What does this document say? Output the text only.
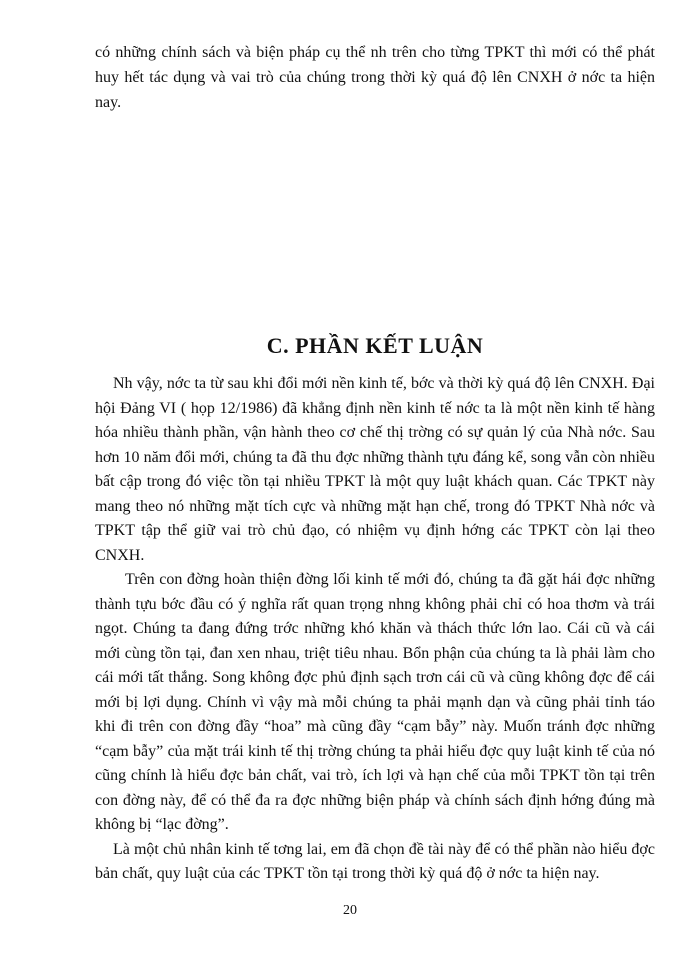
có những chính sách và biện pháp cụ thể nh trên cho từng TPKT thì mới có thể phát huy hết tác dụng và vai trò của chúng trong thời kỳ quá độ lên CNXH ở nớc ta hiện nay.

C. PHẦN KẾT LUẬN

Nh vậy, nớc ta từ sau khi đổi mới nền kinh tế, bớc và thời kỳ quá độ lên CNXH. Đại hội Đảng VI ( họp 12/1986) đã khẳng định nền kinh tế nớc ta là một nền kinh tế hàng hóa nhiều thành phần, vận hành theo cơ chế thị trờng có sự quản lý của Nhà nớc. Sau hơn 10 năm đổi mới, chúng ta đã thu đợc những thành tựu đáng kể, song vẫn còn nhiều bất cập trong đó việc tồn tại nhiều TPKT là một quy luật khách quan. Các TPKT này mang theo nó những mặt tích cực và những mặt hạn chế, trong đó TPKT Nhà nớc và TPKT tập thể giữ vai trò chủ đạo, có nhiệm vụ định hớng các TPKT còn lại theo CNXH.

Trên con đờng hoàn thiện đờng lối kinh tế mới đó, chúng ta đã gặt hái đợc những thành tựu bớc đầu có ý nghĩa rất quan trọng nhng không phải chỉ có hoa thơm và trái ngọt. Chúng ta đang đứng trớc những khó khăn và thách thức lớn lao. Cái cũ và cái mới cùng tồn tại, đan xen nhau, triệt tiêu nhau. Bổn phận của chúng ta là phải làm cho cái mới tất thắng. Song không đợc phủ định sạch trơn cái cũ và cũng không đợc để cái mới bị lợi dụng. Chính vì vậy mà mỗi chúng ta phải mạnh dạn và cũng phải tỉnh táo khi đi trên con đờng đầy “hoa” mà cũng đầy “cạm bẫy” này. Muốn tránh đợc những “cạm bẫy” của mặt trái kinh tế thị trờng chúng ta phải hiểu đợc quy luật kinh tế của nó cũng chính là hiểu đợc bản chất, vai trò, ích lợi và hạn chế của mỗi TPKT tồn tại trên con đờng này, để có thể đa ra đợc những biện pháp và chính sách định hớng đúng mà không bị “lạc đờng”.

Là một chủ nhân kinh tế tơng lai, em đã chọn đề tài này để có thể phần nào hiểu đợc bản chất, quy luật của các TPKT tồn tại trong thời kỳ quá độ ở nớc ta hiện nay.

20
